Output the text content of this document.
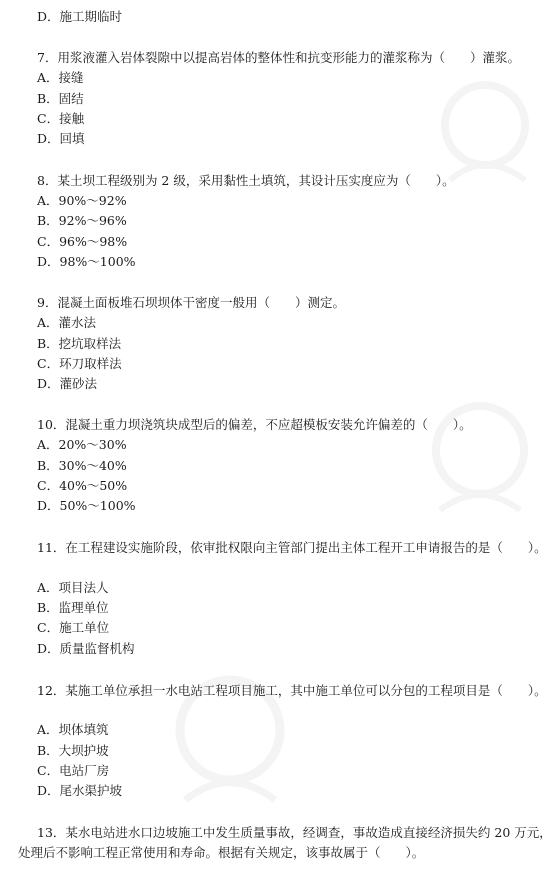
D．施工期临时
7．用浆液灌入岩体裂隙中以提高岩体的整体性和抗变形能力的灌浆称为（　　）灌浆。
A．接缝
B．固结
C．接触
D．回填
8．某土坝工程级别为 2 级，采用黏性土填筑，其设计压实度应为（　　）。
A．90%～92%
B．92%～96%
C．96%～98%
D．98%～100%
9．混凝土面板堆石坝坝体干密度一般用（　　）测定。
A．灌水法
B．挖坑取样法
C．环刀取样法
D．灌砂法
10．混凝土重力坝浇筑块成型后的偏差，不应超模板安装允许偏差的（　　）。
A．20%～30%
B．30%～40%
C．40%～50%
D．50%～100%
11．在工程建设实施阶段，依审批权限向主管部门提出主体工程开工申请报告的是（　　）。
A．项目法人
B．监理单位
C．施工单位
D．质量监督机构
12．某施工单位承担一水电站工程项目施工，其中施工单位可以分包的工程项目是（　　）。
A．坝体填筑
B．大坝护坡
C．电站厂房
D．尾水渠护坡
13．某水电站进水口边坡施工中发生质量事故，经调查，事故造成直接经济损失约 20 万元，处理后不影响工程正常使用和寿命。根据有关规定，该事故属于（　　）。
